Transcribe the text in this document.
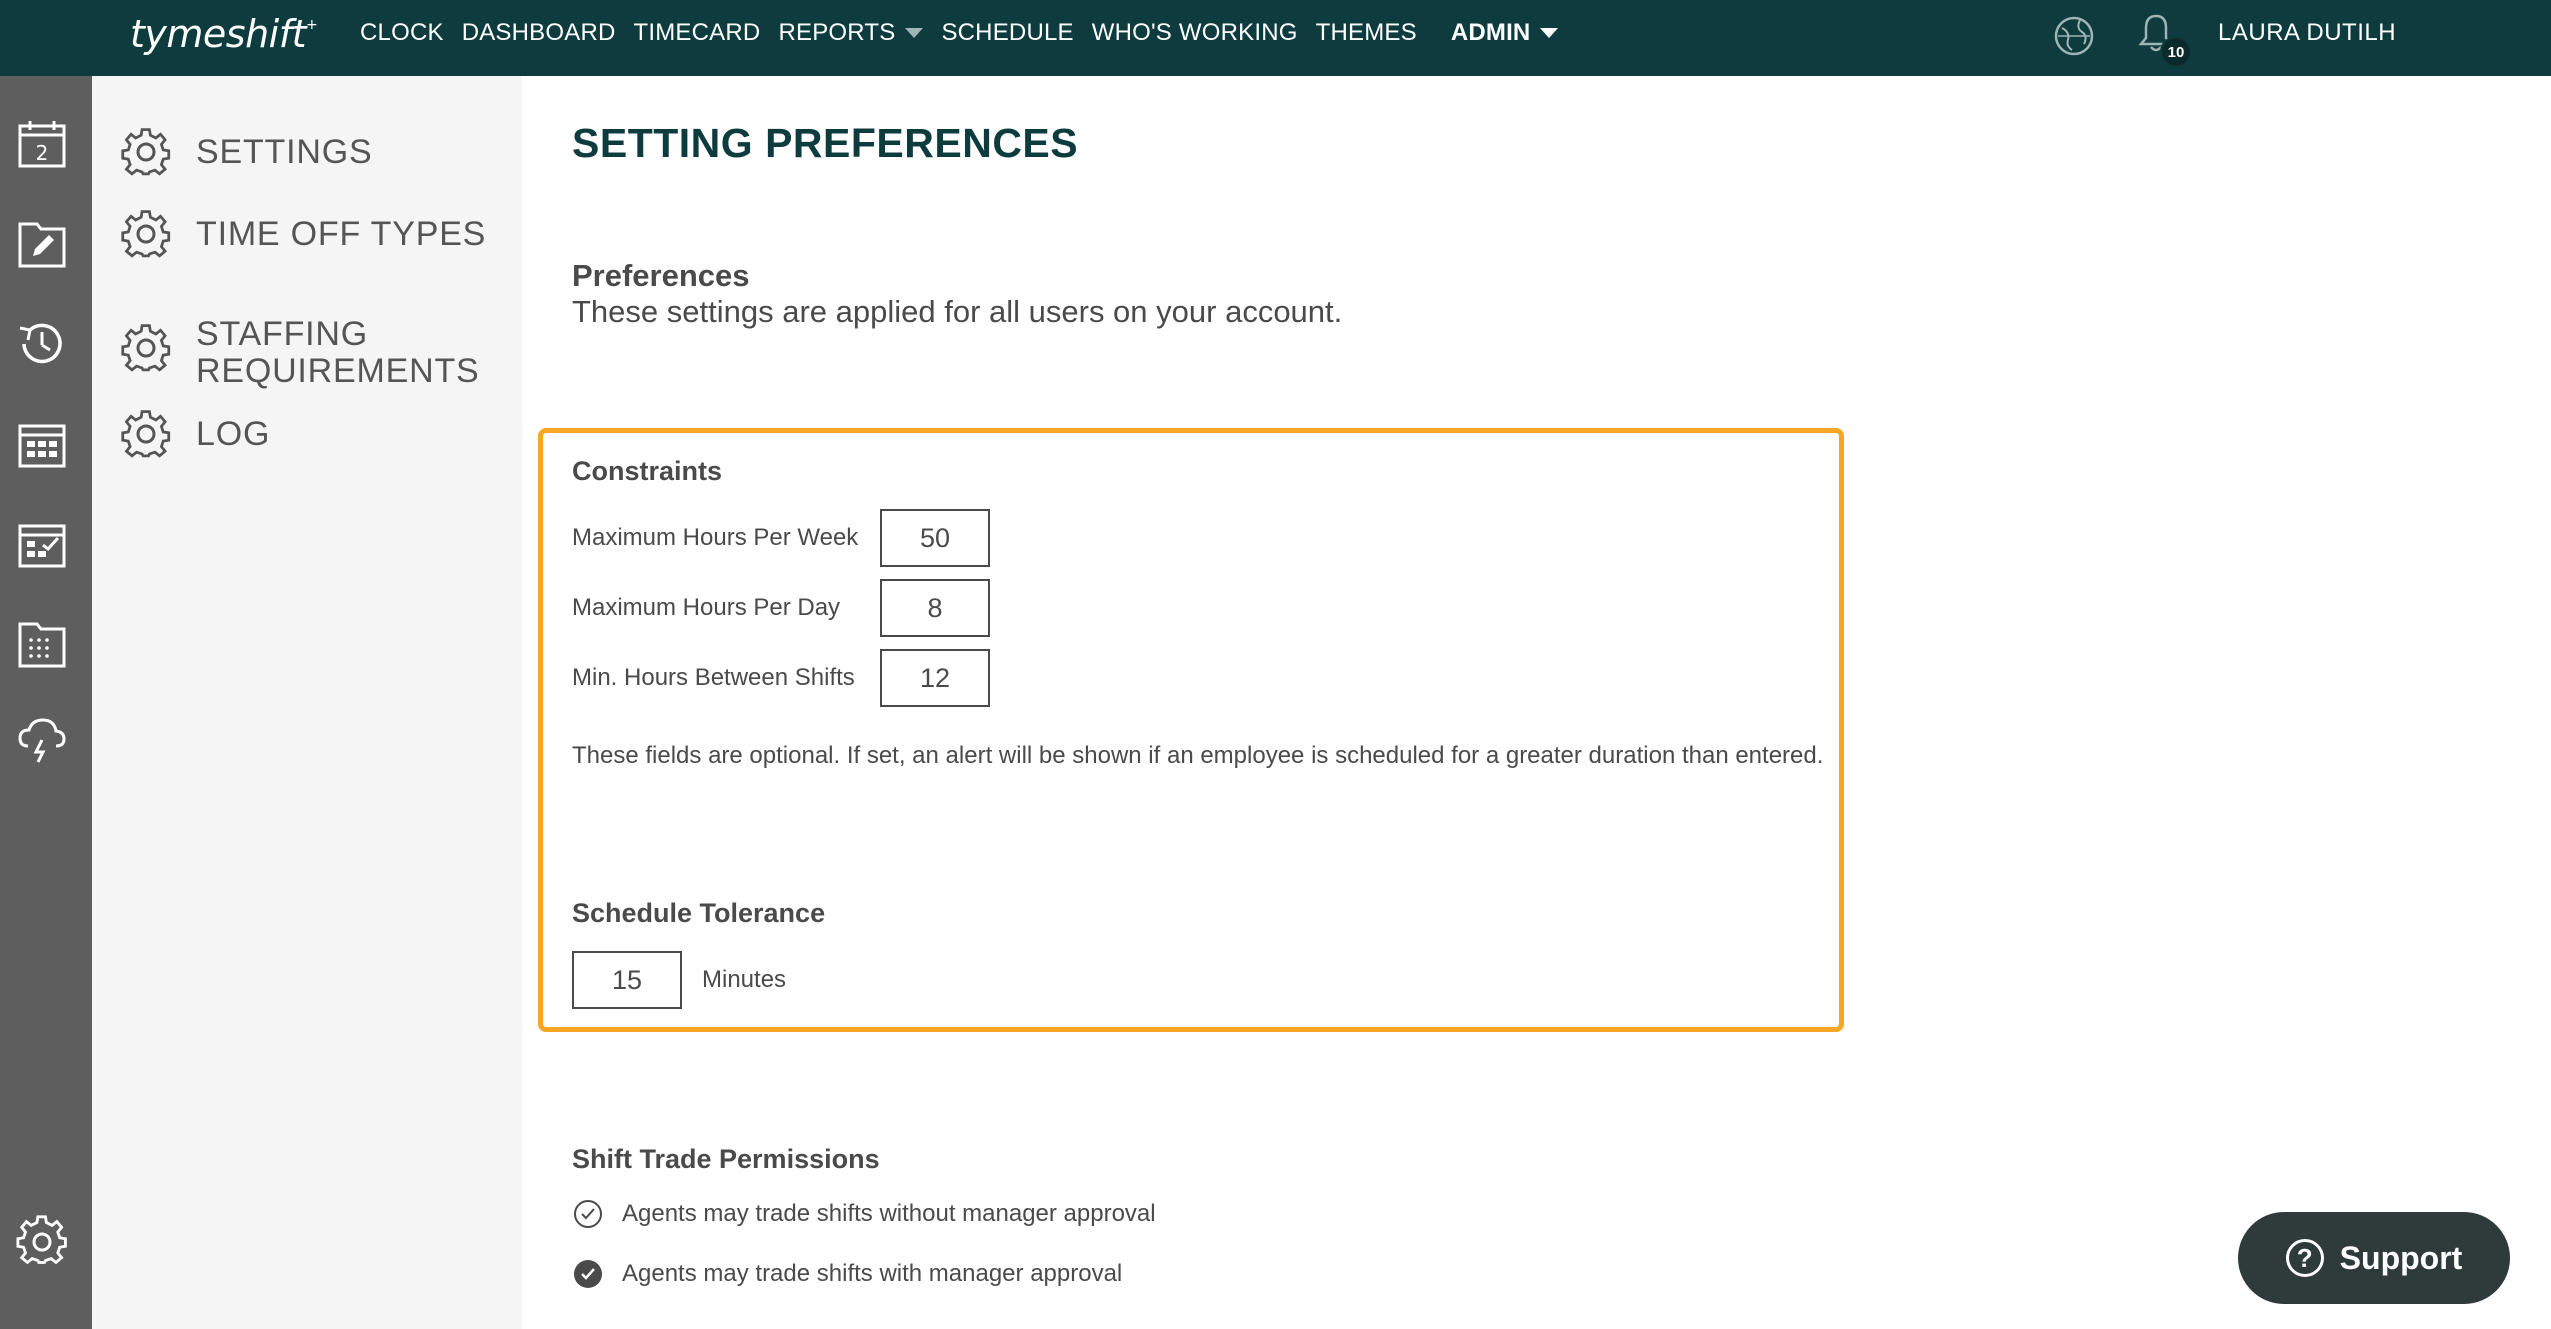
tymeshift+ CLOCK DASHBOARD TIMECARD REPORTS SCHEDULE WHO'S WORKING THEMES ADMIN
10
LAURA DUTILH
2	SETTINGS
TIME OFF TYPES
STAFFING REQUIREMENTS
LOG
SETTING PREFERENCES
Preferences
These settings are applied for all users on your account.
Constraints
Maximum Hours Per Week
50
Maximum Hours Per Day
8
Min. Hours Between Shifts
12
These fields are optional. If set, an alert will be shown if an employee is scheduled for a greater duration than entered.
Schedule Tolerance
15
Minutes
Shift Trade Permissions
Agents may trade shifts without manager approval
Agents may trade shifts with manager approval
? Support
